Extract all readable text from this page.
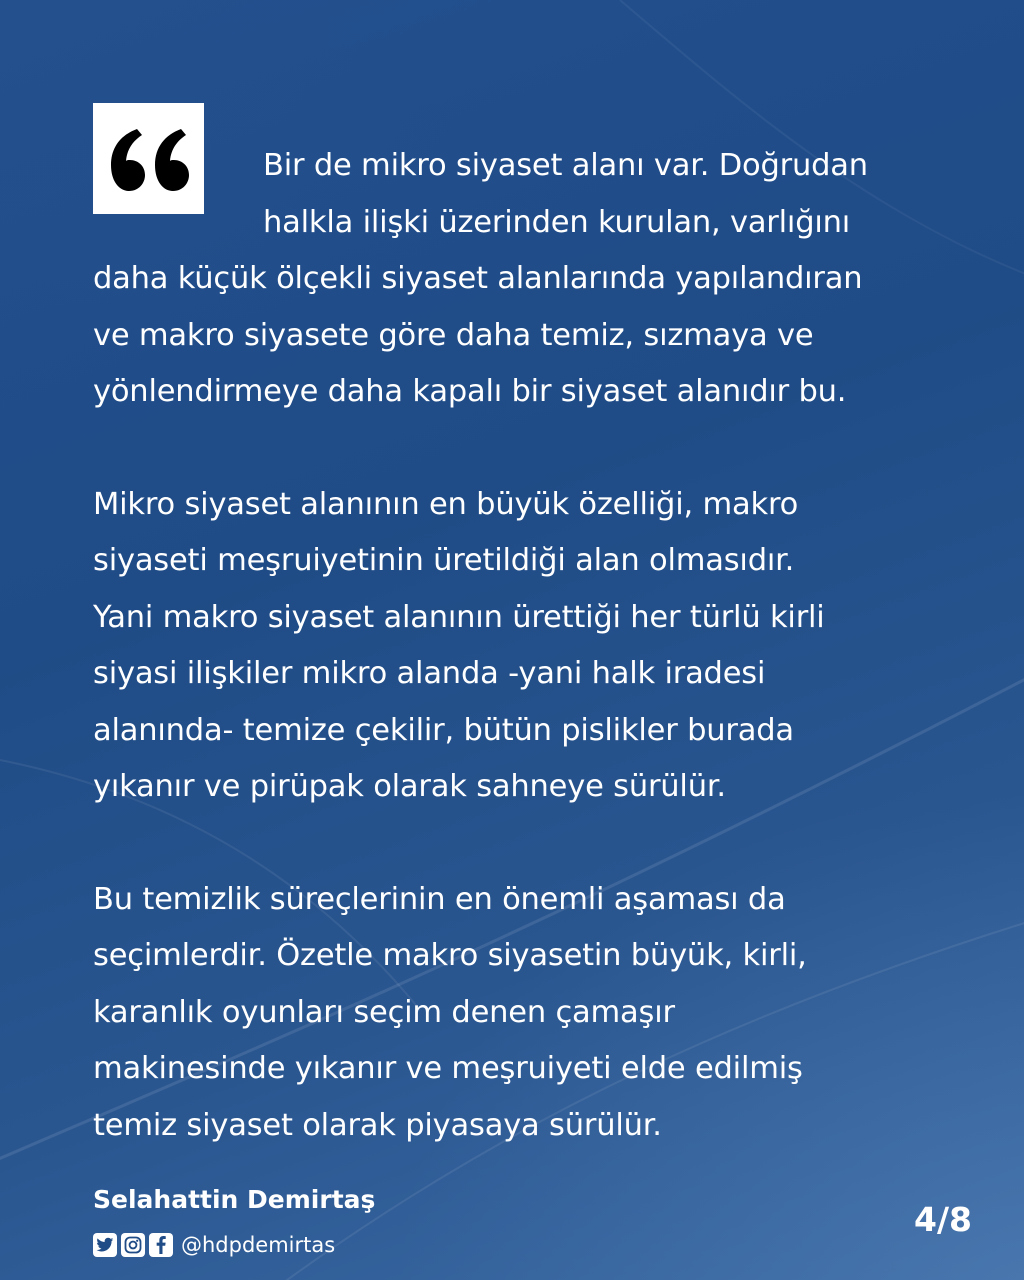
Bir de mikro siyaset alanı var. Doğrudan
halkla ilişki üzerinden kurulan, varlığını
daha küçük ölçekli siyaset alanlarında yapılandıran
ve makro siyasete göre daha temiz, sızmaya ve
yönlendirmeye daha kapalı bir siyaset alanıdır bu.
Mikro siyaset alanının en büyük özelliği, makro
siyaseti meşruiyetinin üretildiği alan olmasıdır.
Yani makro siyaset alanının ürettiği her türlü kirli
siyasi ilişkiler mikro alanda -yani halk iradesi
alanında- temize çekilir, bütün pislikler burada
yıkanır ve pirüpak olarak sahneye sürülür.
Bu temizlik süreçlerinin en önemli aşaması da
seçimlerdir. Özetle makro siyasetin büyük, kirli,
karanlık oyunları seçim denen çamaşır
makinesinde yıkanır ve meşruiyeti elde edilmiş
temiz siyaset olarak piyasaya sürülür.
Selahattin Demirtaş
@hdpdemirtas
4/8
